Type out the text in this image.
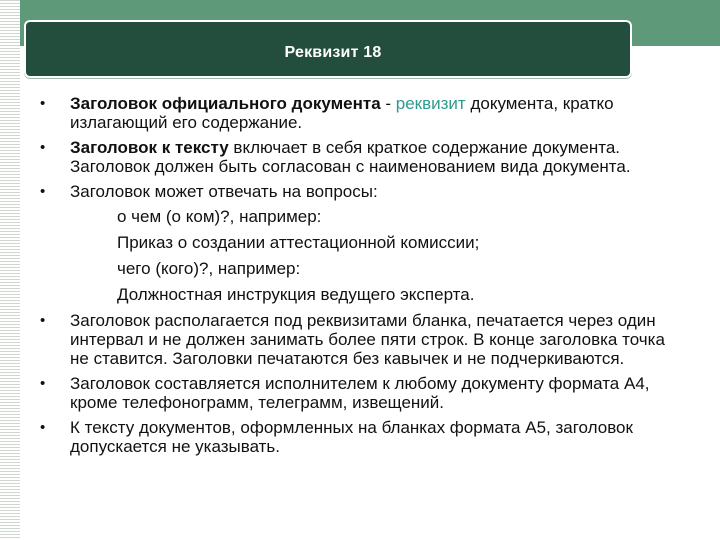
Реквизит 18
• Заголовок официального документа - реквизит документа, кратко излагающий его содержание.
• Заголовок к тексту включает в себя краткое содержание документа. Заголовок должен быть согласован с наименованием вида документа.
• Заголовок может отвечать на вопросы:
о чем (о ком)?, например:
Приказ о создании аттестационной комиссии;
чего (кого)?, например:
Должностная инструкция ведущего эксперта.
• Заголовок располагается под реквизитами бланка, печатается через один интервал и не должен занимать более пяти строк. В конце заголовка точка не ставится. Заголовки печатаются без кавычек и не подчеркиваются.
• Заголовок составляется исполнителем к любому документу формата А4, кроме телефонограмм, телеграмм, извещений.
• К тексту документов, оформленных на бланках формата А5, заголовок допускается не указывать.
